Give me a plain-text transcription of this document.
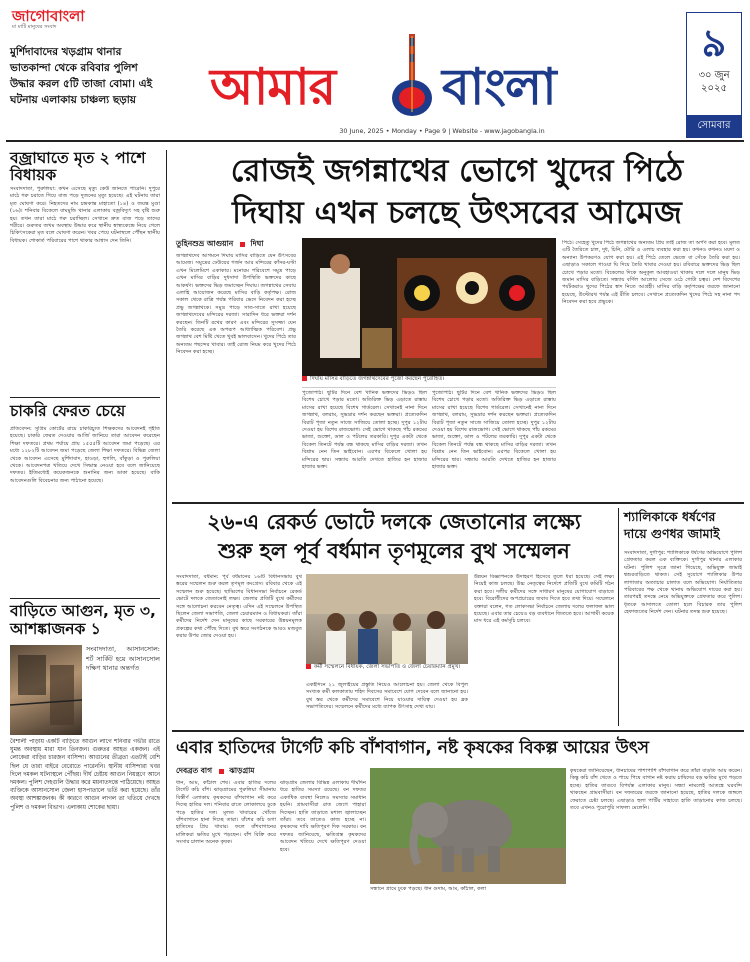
জাগোবাংলা
মা মাটি মানুষের সংবাদ
মুর্শিদাবাদের খড়গ্রাম থানার ভাতকান্দা থেকে রবিবার পুলিশ উদ্ধার করল ৫টি তাজা বোমা। এই ঘটনায় এলাকায় চাঞ্চল্য ছড়ায়	আমার বাংলা
30 June, 2025 • Monday • Page 9 | Website - www.jagobangla.in
৯
৩০ জুন
২০২৫
সোমবার
বজ্রাঘাতে মৃত ২ পাশে বিধায়ক
সংবাদদাতা, পুরুলিয়া: কখন এসেছে মৃত্যু কেউ জানতে পারেনি। দুপুরে মাঠে গরু চরাতে গিয়ে বাজ পড়ে দুজনের মৃত্যু হয়েছে। এই ঘটনায় তারা মৃত ঘোষণা করে। নিহতদের নাম চন্দ্রকান্ত মাহাতো (১৪) ও জয়ন্ত মুণ্ডা (১৬)। শনিবার বিকেলে বাঘমুন্ডি থানার এলাকায় বজ্রবিদ্যুৎ সহ বৃষ্টি শুরু হয়। তখন তারা মাঠে গরু চরাচ্ছিল। সেখানে দ্রুত বাজ পড়ে তাদের শরীরে। গুরুতর জখম অবস্থায় উদ্ধার করে স্থানীয় স্বাস্থ্যকেন্দ্রে নিয়ে গেলে চিকিৎসকেরা মৃত বলে ঘোষণা করেন। খবর পেয়ে ঘটনাস্থলে পৌঁছন স্থানীয় বিধায়ক। শোকার্ত পরিবারের পাশে থাকার আশ্বাস দেন তিনি।
চাকরি ফেরত চেয়ে
প্রতিবেদন: সুপ্রিম কোর্টের রায়ে চাকরিচ্যুত শিক্ষকদের আবেদনই গৃহীত হয়েছে। চাকরি ফেরত দেওয়ার আর্জি জানিয়ে তারা আবেদন করেছেন শিক্ষা দফতরে। প্রথম পর্যায়ে প্রায় ১৫৫৫টি আবেদন জমা পড়েছে। এর মধ্যে ১২৮২টি আবেদন জমা পড়েছে জেলা শিক্ষা দফতরে। বিভিন্ন জেলা থেকে আবেদন এসেছে মুর্শিদাবাদ, হাওড়া, হুগলি, বাঁকুড়া ও পুরুলিয়া থেকে। আবেদনপত্র খতিয়ে দেখে সিদ্ধান্ত নেওয়া হবে বলে জানিয়েছে দফতর। ইতিমধ্যেই কয়েকজনকে শুনানির জন্য ডাকা হয়েছে। বাকি আবেদনগুলি বিবেচনার জন্য পাঠানো হয়েছে।
বাড়িতে আগুন, মৃত ৩, আশঙ্কাজনক ১
সংবাদদাতা, আসানসোল: শর্ট সার্কিট হয়ে আসানসোল দক্ষিণ থানার অন্তর্গত
বৈশালী পাড়ায় একটি বাড়িতে আগুন লাগে শনিবার গভীর রাতে ঘুমন্ত অবস্থায় মারা যান তিনজন। গুরুতর আহত একজন। এই লোকেরা বাড়ির চারজন বাসিন্দা। আগুনের তীব্রতা এতটাই বেশি ছিল যে তারা বাইরে বেরোতে পারেননি। স্থানীয় বাসিন্দারা খবর দিলে দমকল ঘটনাস্থলে পৌঁছয়। দীর্ঘ চেষ্টায় আগুন নিয়ন্ত্রণে আনে দমকল। পুলিশ দেহগুলি উদ্ধার করে ময়নাতদন্তে পাঠিয়েছে। আহত ব্যক্তিকে আসানসোল জেলা হাসপাতালে ভর্তি করা হয়েছে। তাঁর অবস্থা আশঙ্কাজনক। কী কারণে আগুন লাগল তা খতিয়ে দেখছে পুলিশ ও দমকল বিভাগ। এলাকায় শোকের ছায়া।
রোজই জগন্নাথের ভোগে খুদের পিঠে
দিঘায় এখন চলছে উৎসবের আমেজ
তুহিনশুভ্র আগুয়ান দিঘা
জগন্নাথদেব আগমনে দিঘায় মাসির বাড়িতে যেন উৎসবের আমেজ। সমুদ্রের ঢেউয়ের গর্জন আর মন্দিরের কাঁসর-ঘণ্টা এখন মিলেমিশে একাকার। মনোরম পরিবেশে সমুদ্র পাড়ে এখন মাসির বাড়ির দুধসাদা উপস্থিতি ভক্তদের কাছে আকর্ষণ। ভক্তদের ভিড় জমাচ্ছেন দিঘায়। জগন্নাথের সেবায় এলাহি আয়োজন করেছে মাসির বাড়ি কর্তৃপক্ষ। রোজ সকাল থেকে রাত্রি পর্যন্ত পরিবার ভেদে নিবেদন করা হচ্ছে প্রভু জগন্নাথকে। সমুদ্র পাড়ে সাত-সাতে রাখা হয়েছে জগন্নাথদেবের মন্দিরের দরজা। সারাদিন ধরে ভক্তরা দর্শন করছেন। তিনটি রথের কারণ এবং মন্দিরের সুসজ্জা যেন তৈরি করেছে এক অপরূপ আধ্যাত্মিক পরিবেশ। প্রভু জগন্নাথ বেশ মিষ্টি খেতে খুবই ভালবাসেন। খুদের পিঠে তার অন্যতম পছন্দের খাবার। তাই রোজ নিয়ম করে খুদের পিঠে নিবেদন করা হচ্ছে।
দিঘায় মাসির বাড়িতে জগন্নাথদেবের পুজো করছেন পুরোহিত।
পুজোপাঠ। ছুটির দিনে বেশ খানিক ভক্তদের ভিড়ও ছিল বিশেষ চোখে পড়ার মতো। অতিরিক্ত ভিড় এড়াতে রাস্তায় মাসের রাখা হয়েছে বিশেষ গার্ডরেল। সেখানেই নানা দিনে জগন্নাথ, বলরাম, সুভদ্রার দর্শন করছেন ভক্তরা। প্রত্যেকদিন বিরাট পূজা নতুন সাজে সাজিয়ে তোলা হচ্ছে। দুপুর ১২টায় দেওয়া হয় বিশেষ রাজভোগ। সেই ভোগে থাকছে পাঁচ রকমের ভাজা, শুক্তো, ডাল ও পটলের তরকারি। দুপুর একটা থেকে বিকেল তিনটে পর্যন্ত বন্ধ থাকছে মাসির বাড়ির দরজা। তখন বিশ্রাম নেন তিন ভাইবোন। এরপর বিকেলে খোলা হয় মন্দিরের দ্বার। সন্ধ্যায় আরতি দেখতে হাজির হন হাজার হাজার ভক্ত।
পুজোপাঠ। ছুটির দিনে বেশ খানিক ভক্তদের ভিড়ও ছিল বিশেষ চোখে পড়ার মতো। অতিরিক্ত ভিড় এড়াতে রাস্তায় মাসের রাখা হয়েছে বিশেষ গার্ডরেল। সেখানেই নানা দিনে জগন্নাথ, বলরাম, সুভদ্রার দর্শন করছেন ভক্তরা। প্রত্যেকদিন বিরাট পূজা নতুন সাজে সাজিয়ে তোলা হচ্ছে। দুপুর ১২টায় দেওয়া হয় বিশেষ রাজভোগ। সেই ভোগে থাকছে পাঁচ রকমের ভাজা, শুক্তো, ডাল ও পটলের তরকারি। দুপুর একটা থেকে বিকেল তিনটে পর্যন্ত বন্ধ থাকছে মাসির বাড়ির দরজা। তখন বিশ্রাম নেন তিন ভাইবোন। এরপর বিকেলে খোলা হয় মন্দিরের দ্বার। সন্ধ্যায় আরতি দেখতে হাজির হন হাজার হাজার ভক্ত।
পিঠে। সেহেতু খুদের পিঠে জগন্নাথের অন্যতম প্রিয় তাই রোজ তা অর্পণ করা হবে। মূলত এটি তৈরিতে চাল, দুধ, চিনি, মৌরি ও এলাচ ব্যবহার করা হয়। কখনও কখনও ময়দা ও অন্যান্য উপকরণও যোগ করা হয়। এই পিঠে তেলে ভেজে বা সেঁকে তৈরি করা হয়। এছাড়াও সকালে গাওয়া ঘি দিয়ে তৈরি খাবার দেওয়া হয়। রবিবারে ভক্তদের ভিড় ছিল চোখে পড়ার মতো। বিকেলের দিকে অনুকূল আবহাওয়া থাকায় দলে দলে মানুষ ভিড় জমান মাসির বাড়িতে। সন্ধ্যায় বর্ণিল আলোয় সেজে ওঠে গোটা চত্বর। দেশ বিদেশের পর্যটকরাও খুদের পিঠের স্বাদ নিতে আগ্রহী। মাসির বাড়ি কর্তৃপক্ষের তরফে জানানো হয়েছে, উল্টোরথ পর্যন্ত এই রীতি চলবে। সেখানে প্রত্যেকদিন খুদের পিঠে সহ নানা পদ নিবেদন করা হবে প্রভুকে।
২৬-এ রেকর্ড ভোটে দলকে জেতানোর লক্ষ্যে
শুরু হল পূর্ব বর্ধমান তৃণমূলের বুথ সম্মেলন
সংবাদদাতা, বর্ধমান: পূর্ব বর্ধমানের ১৬টি বিধানসভায় বুথ স্তরের সম্মেলন শুরু করল তৃণমূল কংগ্রেস। রবিবার থেকে এই সম্মেলন শুরু হয়েছে। ছাব্বিশের বিধানসভা নির্বাচনে রেকর্ড ভোটে দলকে জেতানোই লক্ষ্য। জেলার প্রতিটি বুথে কর্মীদের সঙ্গে আলোচনা করবেন নেতৃত্ব। এদিন এই সম্মেলনে উপস্থিত ছিলেন জেলা সভাপতি, জেলা চেয়ারম্যান ও বিধায়করা। তাঁরা কর্মীদের নির্দেশ দেন মানুষের কাছে সরকারের উন্নয়নমূলক প্রকল্পের কথা পৌঁছে দিতে। বুথ স্তরে সংগঠনকে আরও মজবুত করার উপর জোর দেওয়া হয়।
কর্মী সম্মেলনে বিধায়ক, জেলা সভাপতি ও জেলা চেয়ারম্যান প্রমুখ।
একইদিনে ২১ জুলাইয়ের প্রস্তুতি নিয়েও আলোচনা হয়। জেলা থেকে বিপুল সংখ্যক কর্মী কলকাতায় শহিদ দিবসের সমাবেশে যোগ দেবেন বলে জানানো হয়। বুথ স্তর থেকে কর্মীদের সমাবেশে নিয়ে যাওয়ার দায়িত্ব দেওয়া হয় ব্লক সভাপতিদের। সম্মেলনে কর্মীদের মধ্যে ব্যাপক উৎসাহ দেখা যায়।
উন্নয়ন বিজ্ঞাপনকে উদাহরণ হিসেবে তুলে ধরা হয়েছে। সেই লক্ষ্য নিয়েই কাজ চলছে। উচ্চ নেতৃত্বের নির্দেশে প্রতিটি বুথে কমিটি গঠন করা হবে। দলীয় কর্মীদের সঙ্গে সাধারণ মানুষের যোগাযোগ বাড়াতে হবে। বিরোধীদের অপপ্রচারের জবাব দিতে হবে তথ্য দিয়ে। সম্মেলনে বক্তারা বলেন, গত লোকসভা নির্বাচনে জেলায় দলের ফলাফল ভাল হয়েছে। এবার তার চেয়েও বড় ব্যবধানে জিততে হবে। আগামী কয়েক মাস ধরে এই কর্মসূচি চলবে।
শ্যালিকাকে ধর্ষণের দায়ে গুণধর জামাই
সংবাদদাতা, দুর্গাপুর: শ্যালিকাকে ধর্ষণের অভিযোগে পুলিশ গ্রেফতার করল এক ব্যক্তিকে। দুর্গাপুর থানার এলাকার ঘটনা। পুলিশ সূত্রে জানা গিয়েছে, অভিযুক্ত জামাই শ্বশুরবাড়িতে থাকত। সেই সুযোগে শ্যালিকার উপর লাগাতার অত্যাচার চালাত বলে অভিযোগ। নির্যাতিতার পরিবারের পক্ষ থেকে থানায় অভিযোগ দায়ের করা হয়। তারপরই তদন্তে নেমে অভিযুক্তকে গ্রেফতার করে পুলিশ। ধৃতকে আদালতে তোলা হলে বিচারক তার পুলিশ হেফাজতের নির্দেশ দেন। ঘটনার তদন্ত শুরু হয়েছে।
এবার হাতিদের টার্গেট কচি বাঁশবাগান, নষ্ট কৃষকের বিকল্প আয়ের উৎস
দেবব্রত বাগ ঝাড়গ্রাম
ধান, আম, কাঁঠাল শেষ। এবার হাতির দলের টার্গেট কচি বাঁশ। ঝাড়গ্রামের পুরুলিয়া সীমানায় বিস্তীর্ণ এলাকায় কৃষকদের বাঁশবাগান নষ্ট করে দিচ্ছে হাতির দল। শনিবার রাতে লোকালয়ে ঢুকে পড়ে হাতির দল। মূলত খাবারের খোঁজে বাঁশবাগানে হানা দিচ্ছে তারা। বাঁশের কচি ডগা হাতিদের প্রিয় খাবার। ফলে বাঁশবাগানের মালিকরা ক্ষতির মুখে পড়ছেন। বাঁশ বিক্রি করে সংসার চালান অনেক কৃষক।
ঝাড়গ্রাম জেলার বিভিন্ন এলাকায় দীর্ঘদিন ধরে হাতির সমস্যা রয়েছে। বন দফতর একাধিক ব্যবস্থা নিলেও সমস্যার সমাধান হয়নি। গ্রামবাসীরা রাত জেগে পাহারা দিচ্ছেন। হাতি তাড়াতে মশাল জ্বালাচ্ছেন তাঁরা। তবে তাতেও কাজ হচ্ছে না। কৃষকদের দাবি ক্ষতিপূরণ দিক সরকার। বন দফতর জানিয়েছে, ক্ষতিগ্রস্ত কৃষকদের আবেদন খতিয়ে দেখে ক্ষতিপূরণ দেওয়া হবে।
সন্ধানে গ্রামে ঢুকে পড়ছে। ধান গুদাম, আম, কাঁঠাল, কলা
কৃষকেরা জানিয়েছেন, ধানচাষের পাশাপাশি বাঁশবাগান করে তাঁরা বাড়তি আয় করেন। কিন্তু কচি বাঁশ খেতে ও পায়ে পিষে বাগান নষ্ট করায় চাষিদের বড় ক্ষতির মুখে পড়তে হচ্ছে। হাতির তাণ্ডবে বিপর্যস্ত এলাকার মানুষ। সন্ধ্যা নামলেই আতঙ্কে ঘরবন্দি থাকছেন গ্রামবাসীরা। বন দফতরের তরফে জানানো হয়েছে, হাতির দলকে জঙ্গলে ফেরাতে চেষ্টা চলছে। এছাড়াও হুলা পার্টির সাহায্যে হাতি তাড়ানোর কাজ চলছে। তবে এখনও পুরোপুরি সাফল্য মেলেনি।
